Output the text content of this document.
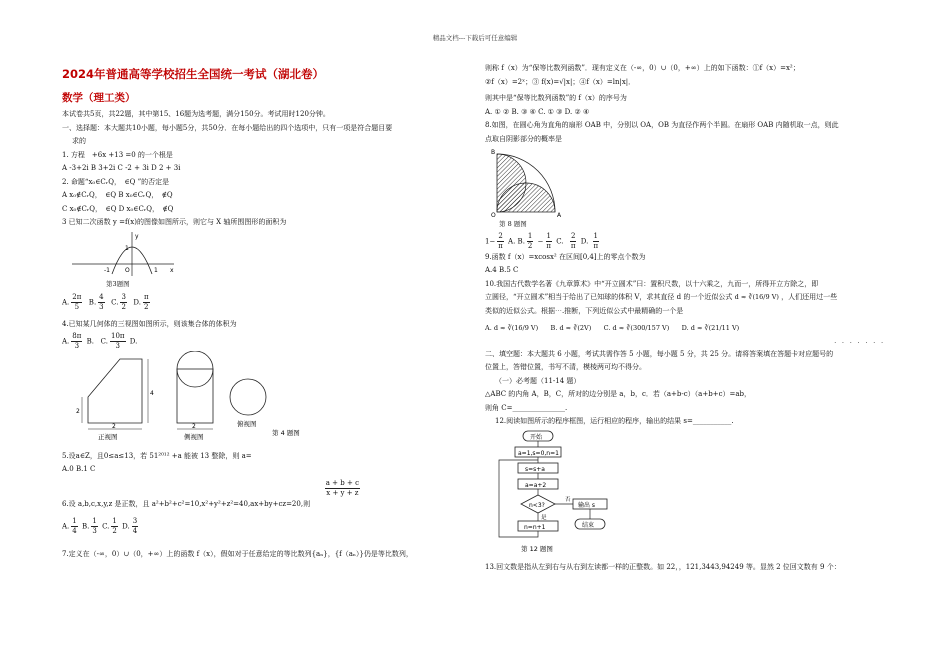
精品文档---下载后可任意编辑
2024年普通高等学校招生全国统一考试（湖北卷）
数学（理工类）
本试卷共5页，共22题，其中第15、16题为选考题，满分150分。考试用时120分钟。
一、选择题：本大题共10小题，每小题5分，共50分．在每小题给出的四个选项中，只有一项是符合题目要
求的
1. 方程　+6x +13 =0 的一个根是
A -3+2i B 3+2i C -2 + 3i D 2 + 3i
2. 命题“x₀∈CᵣQ，　∈Q ”的否定是
A x₀∉CᵣQ，　∈Q B x₀∈CᵣQ，　∉Q
C x₀∉CᵣQ，　∈Q D x₀∈CᵣQ，　∉Q
3 已知二次函数 y =f(x)的图像如图所示，则它与 X 轴所围图形的面积为
-1	O	1 x
y
1
第3题图
A. $\frac{2\pi}{5} B$. $\frac{4}{3} C$. $\frac{3}{2} D$. $\frac{\pi}{2}$
4.已知某几何体的三视图如图所示，则该集合体的体积为
A. $\frac{8\pi}{3} B$. C. $\frac{10\pi}{3} D$.
2
4
2
正视图
2
侧视图
俯视图
第 4 题图
5.设a∈Z，且0≤a≤13，若 51²⁰¹² +a 能被 13 整除，则 a=
A.0 B.1 C
$\frac{a + b + c}{x + y + z}$
6.设 a,b,c,x,y,z 是正数，且 a²+b²+c²=10,x²+y²+z²=40,ax+by+cz=20,则
A. $\frac{1}{4} B$. $\frac{1}{3} C$. $\frac{1}{2} D$. $\frac{3}{4}$
7.定义在（-∞，0）∪（0，+∞）上的函数 f（x），假如对于任意给定的等比数列{aₙ}，{f（aₙ）}仍是等比数列，
则称 f（x）为“保等比数列函数”．现有定义在（-∞，0）∪（0，+∞）上的如下函数：①f（x）=x²；
②f（x）=2ˣ；③ f(x)=√|x|；④f（x）=ln|x|．
则其中是“保等比数列函数”的 f（x）的序号为
A. ① ② B. ③ ④ C. ① ③ D. ② ④
8.如图，在圆心角为直角的扇形 OAB 中，分别以 OA，OB 为直径作两个半圆。在扇形 OAB 内随机取一点，则此
点取自阴影部分的概率是
B
O	A
第 8 题图
$1- \frac{2}{\pi} A$. B. $\frac{1}{2} - \frac{1}{\pi} C$. $\frac{2}{\pi} D$. $\frac{1}{\pi}$
9.函数 f（x）=xcosx² 在区间[0,4]上的零点个数为
A.4 B.5 C
10.我国古代数学名著《九章算术》中“开立圆术”曰：置积尺数，以十六乘之，九而一，所得开立方除之，即
立圆径，“开立圆术”相当于给出了已知球的体积 V，求其直径 d 的一个近似公式 d ≈ ∛(16/9 V) ，人们还用过一些
类似的近似公式。根据⋯.推断，下列近似公式中最精确的一个是
A. d ≈ ∛(16/9 V) B. d ≈ ∛(2V) C. d ≈ ∛(300/157 V) D. d ≈ ∛(21/11 V)
· · · · · · ·
二、填空题：本大题共 6 小题，考试共需作答 5 小题，每小题 5 分，共 25 分。请将答案填在答题卡对应题号的
位置上，答错位置，书写不清，模棱两可均不得分。
（一）必考题（11-14 题）
△ABC 的内角 A，B，C，所对的边分别是 a，b，c．若（a+b-c）（a+b+c）=ab，
则角 C=_______________.
12.阅读如图所示的程序框图，运行相应的程序，输出的结果 s=___________.
开始
a=1,s=0,n=1
s=s+a
a=a+2
n<3?
否
输出 s
结束
是
n=n+1
第 12 题图
13.回文数是指从左到右与从右到左读都一样的正整数。如 22，，121,3443,94249 等。显然 2 位回文数有 9 个：
